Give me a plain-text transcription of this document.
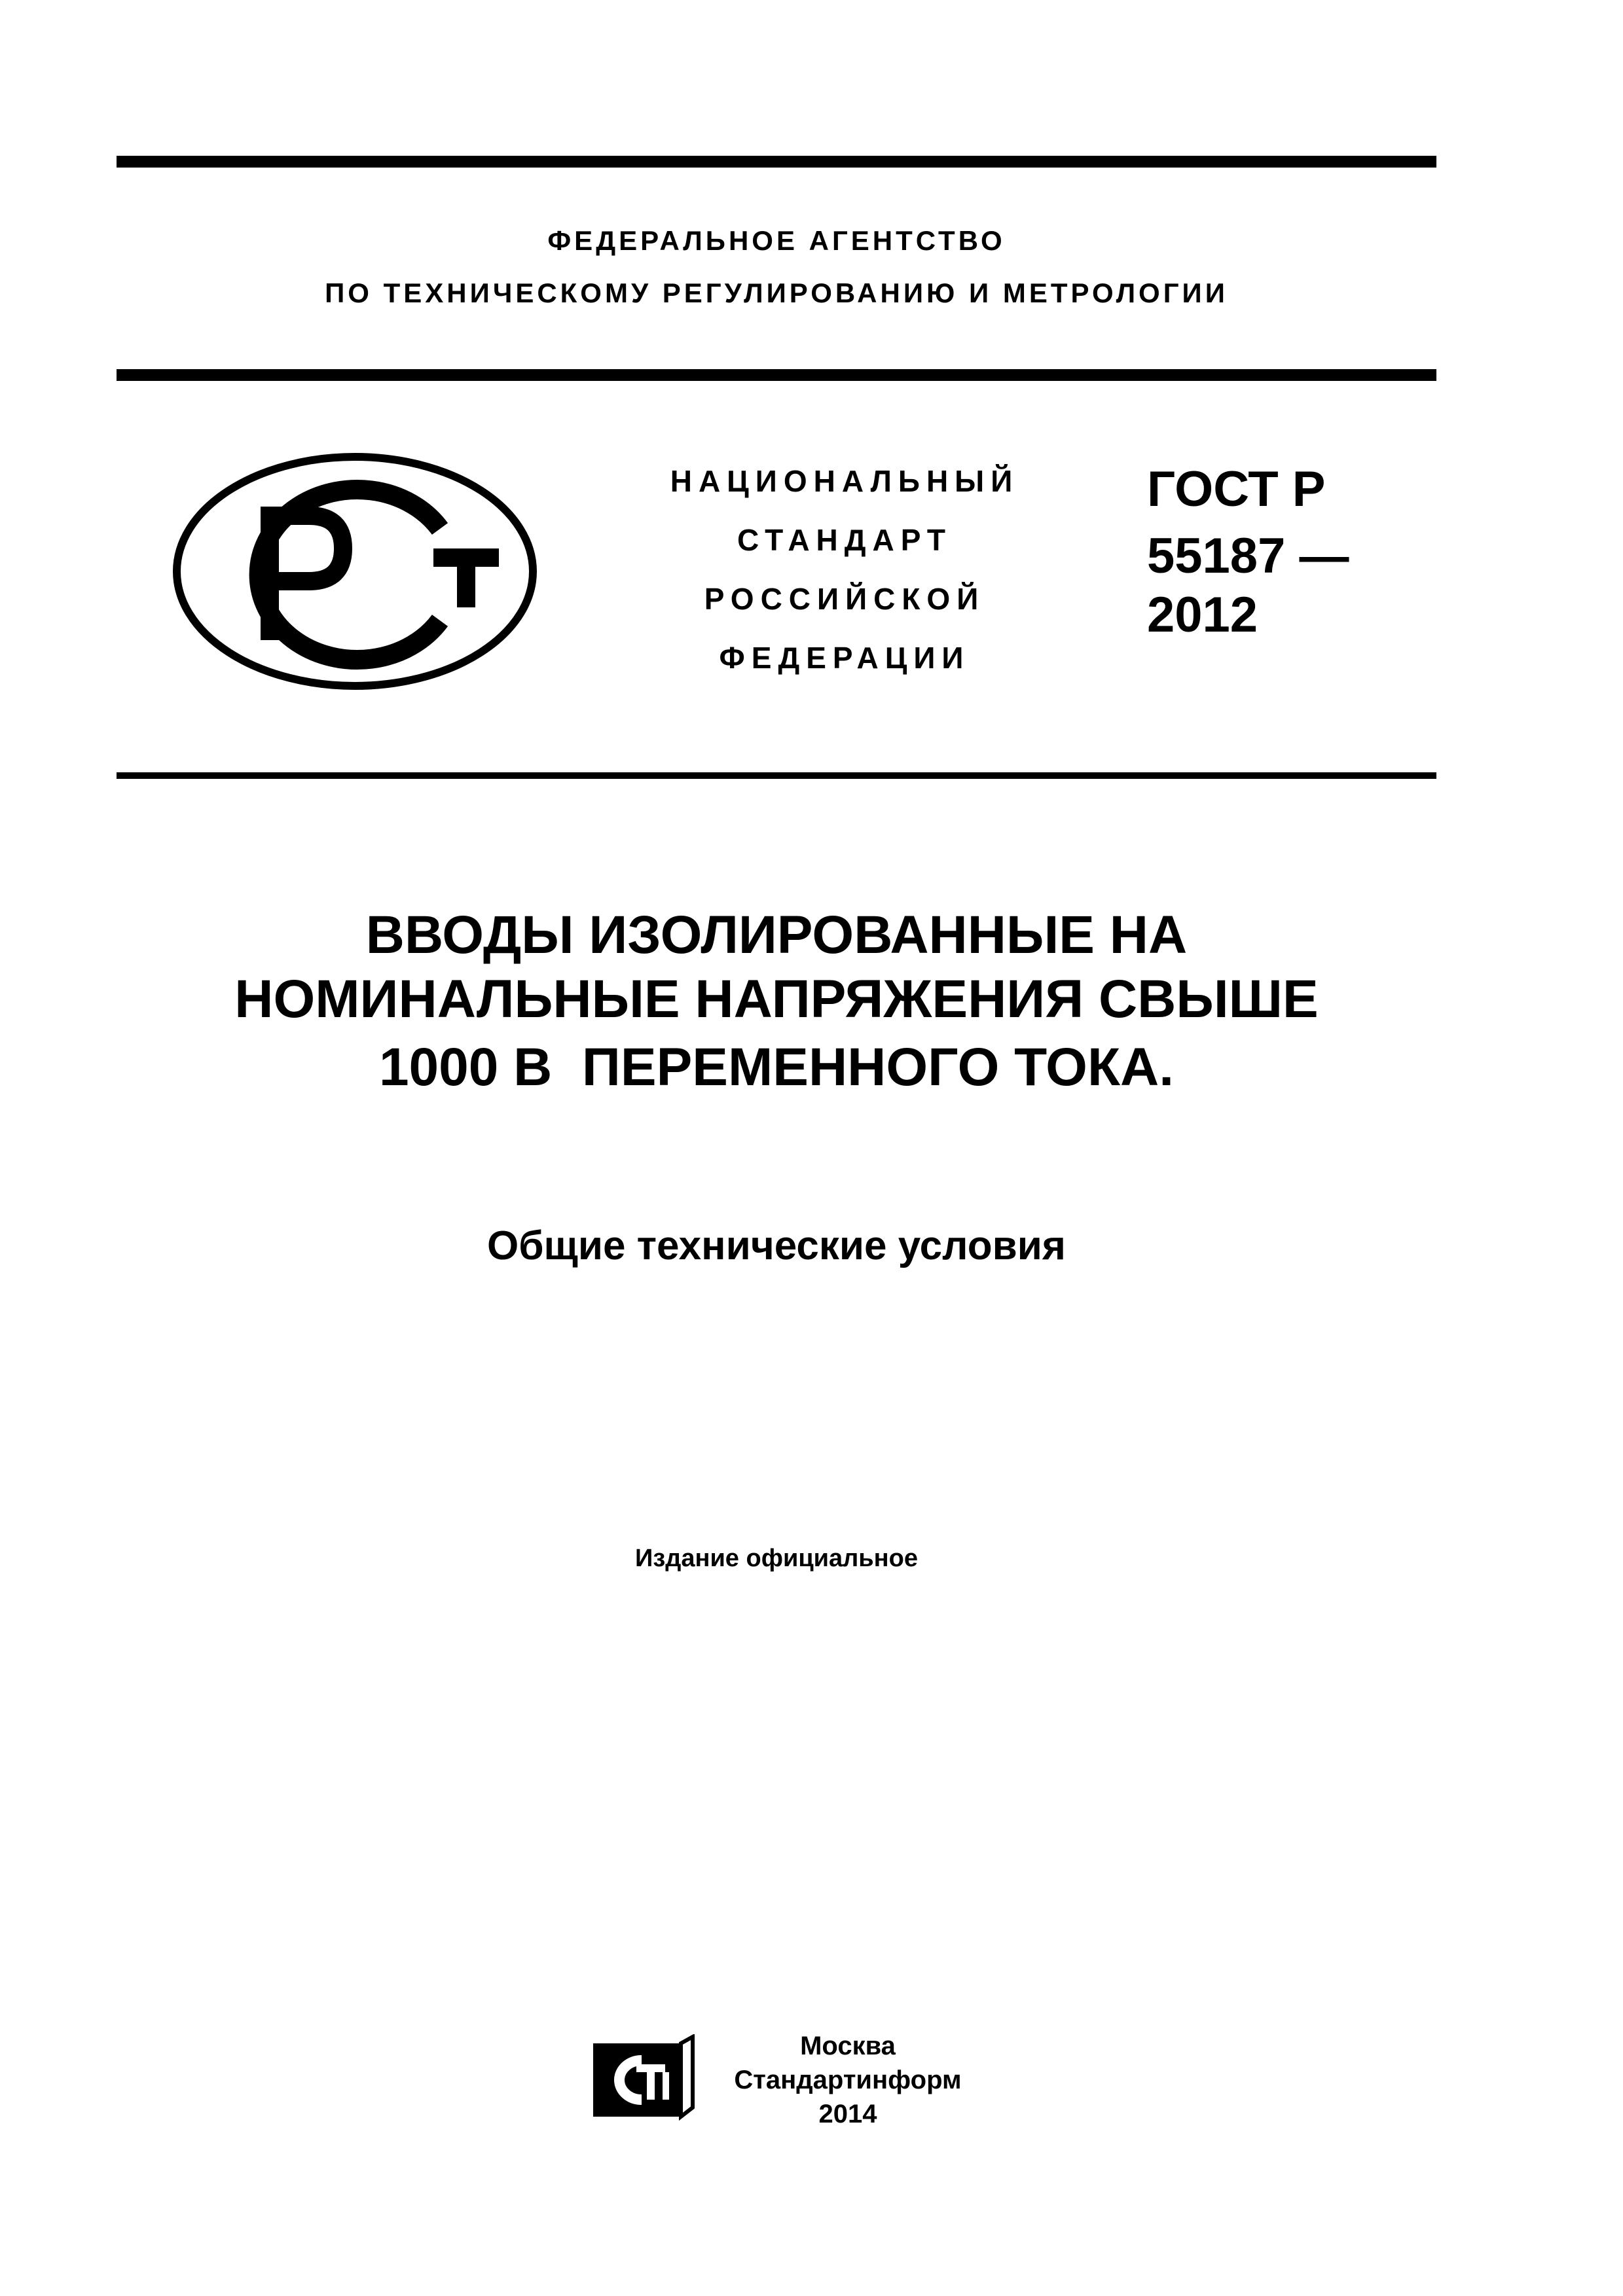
ФЕДЕРАЛЬНОЕ АГЕНТСТВО
ПО ТЕХНИЧЕСКОМУ РЕГУЛИРОВАНИЮ И МЕТРОЛОГИИ
НАЦИОНАЛЬНЫЙ
СТАНДАРТ
РОССИЙСКОЙ
ФЕДЕРАЦИИ
ГОСТ Р
55187 —
2012
ВВОДЫ ИЗОЛИРОВАННЫЕ НА
НОМИНАЛЬНЫЕ НАПРЯЖЕНИЯ СВЫШЕ
1000 В  ПЕРЕМЕННОГО ТОКА.
Общие технические условия
Издание официальное
Москва
Стандартинформ
2014
